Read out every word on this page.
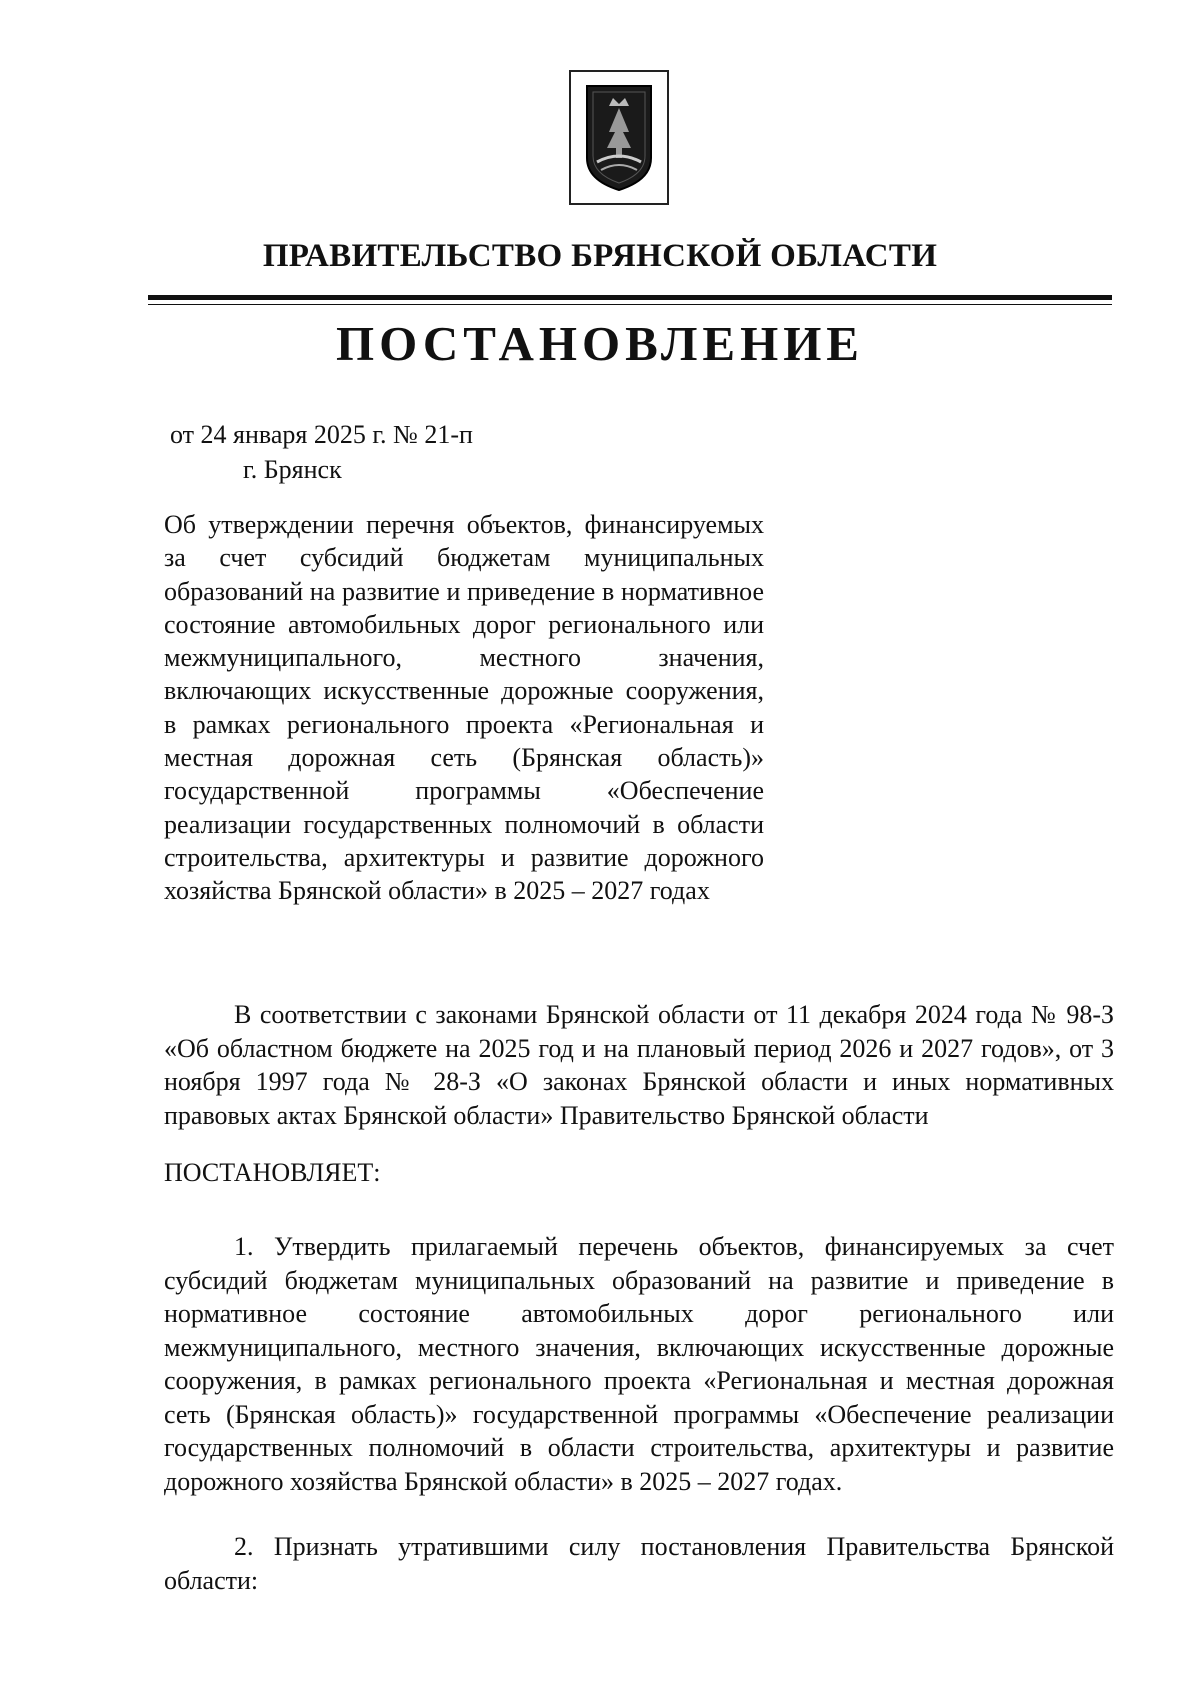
ПРАВИТЕЛЬСТВО БРЯНСКОЙ ОБЛАСТИ
ПОСТАНОВЛЕНИЕ
от 24 января 2025 г. № 21-п
г. Брянск

Об утверждении перечня объектов, финансируемых за счет субсидий бюджетам муниципальных образований на развитие и приведение в нормативное состояние автомобильных дорог регионального или межмуниципального, местного значения, включающих искусственные дорожные сооружения, в рамках регионального проекта «Региональная и местная дорожная сеть (Брянская область)» государственной программы «Обеспечение реализации государственных полномочий в области строительства, архитектуры и развитие дорожного хозяйства Брянской области» в 2025 – 2027 годах

В соответствии с законами Брянской области от 11 декабря 2024 года № 98-З «Об областном бюджете на 2025 год и на плановый период 2026 и 2027 годов», от 3 ноября 1997 года № 28-З «О законах Брянской области и иных нормативных правовых актах Брянской области» Правительство Брянской области

ПОСТАНОВЛЯЕТ:

1. Утвердить прилагаемый перечень объектов, финансируемых за счет субсидий бюджетам муниципальных образований на развитие и приведение в нормативное состояние автомобильных дорог регионального или межмуниципального, местного значения, включающих искусственные дорожные сооружения, в рамках регионального проекта «Региональная и местная дорожная сеть (Брянская область)» государственной программы «Обеспечение реализации государственных полномочий в области строительства, архитектуры и развитие дорожного хозяйства Брянской области» в 2025 – 2027 годах.

2. Признать утратившими силу постановления Правительства Брянской области:
